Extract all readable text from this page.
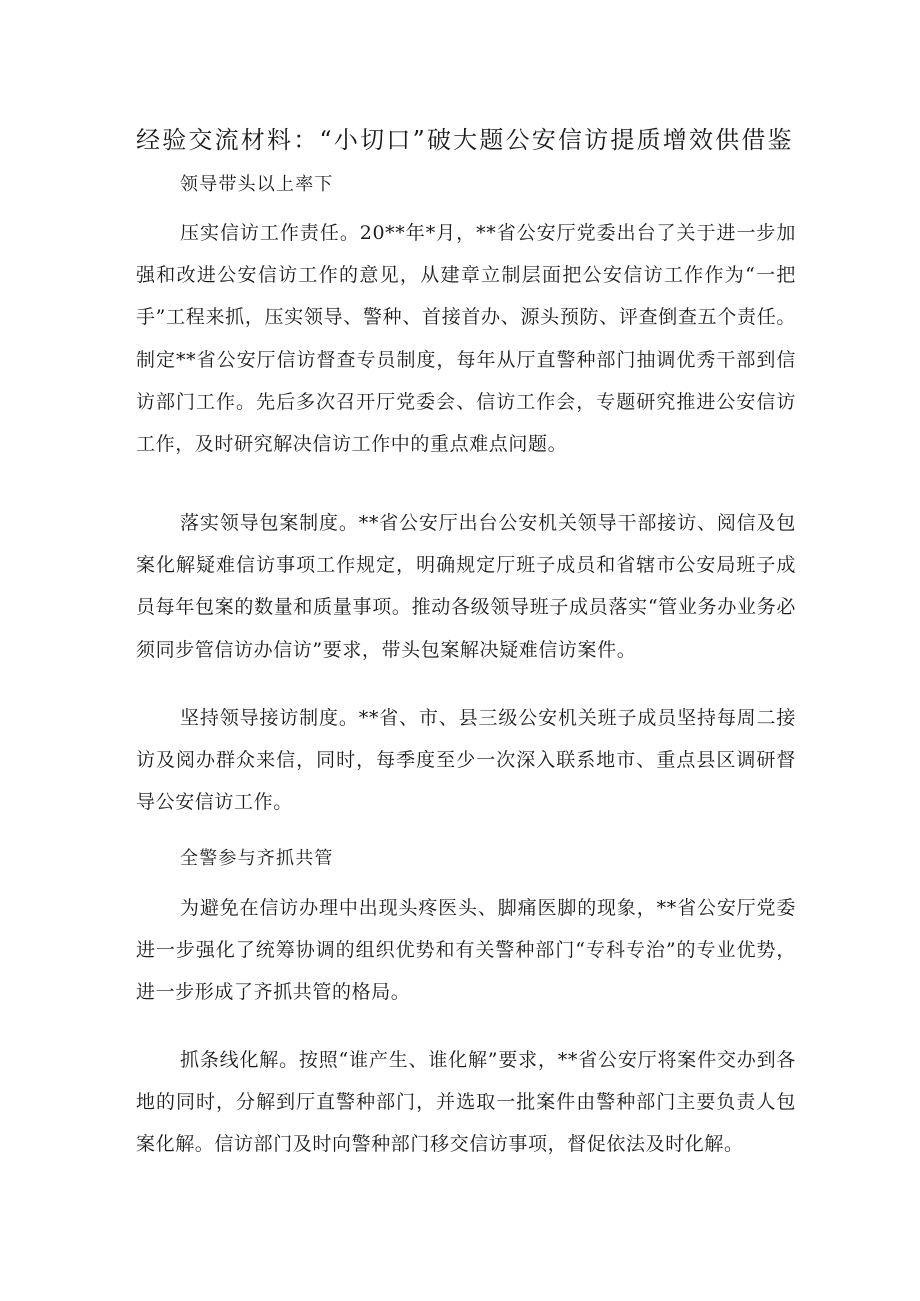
经验交流材料：“小切口”破大题公安信访提质增效供借鉴
领导带头以上率下

压实信访工作责任。20**年*月，**省公安厅党委出台了关于进一步加强和改进公安信访工作的意见，从建章立制层面把公安信访工作作为“一把手”工程来抓，压实领导、警种、首接首办、源头预防、评查倒查五个责任。制定**省公安厅信访督查专员制度，每年从厅直警种部门抽调优秀干部到信访部门工作。先后多次召开厅党委会、信访工作会，专题研究推进公安信访工作，及时研究解决信访工作中的重点难点问题。

落实领导包案制度。**省公安厅出台公安机关领导干部接访、阅信及包案化解疑难信访事项工作规定，明确规定厅班子成员和省辖市公安局班子成员每年包案的数量和质量事项。推动各级领导班子成员落实“管业务办业务必须同步管信访办信访”要求，带头包案解决疑难信访案件。

坚持领导接访制度。**省、市、县三级公安机关班子成员坚持每周二接访及阅办群众来信，同时，每季度至少一次深入联系地市、重点县区调研督导公安信访工作。

全警参与齐抓共管

为避免在信访办理中出现头疼医头、脚痛医脚的现象，**省公安厅党委进一步强化了统筹协调的组织优势和有关警种部门“专科专治”的专业优势，进一步形成了齐抓共管的格局。

抓条线化解。按照“谁产生、谁化解”要求，**省公安厅将案件交办到各地的同时，分解到厅直警种部门，并选取一批案件由警种部门主要负责人包案化解。信访部门及时向警种部门移交信访事项，督促依法及时化解。
